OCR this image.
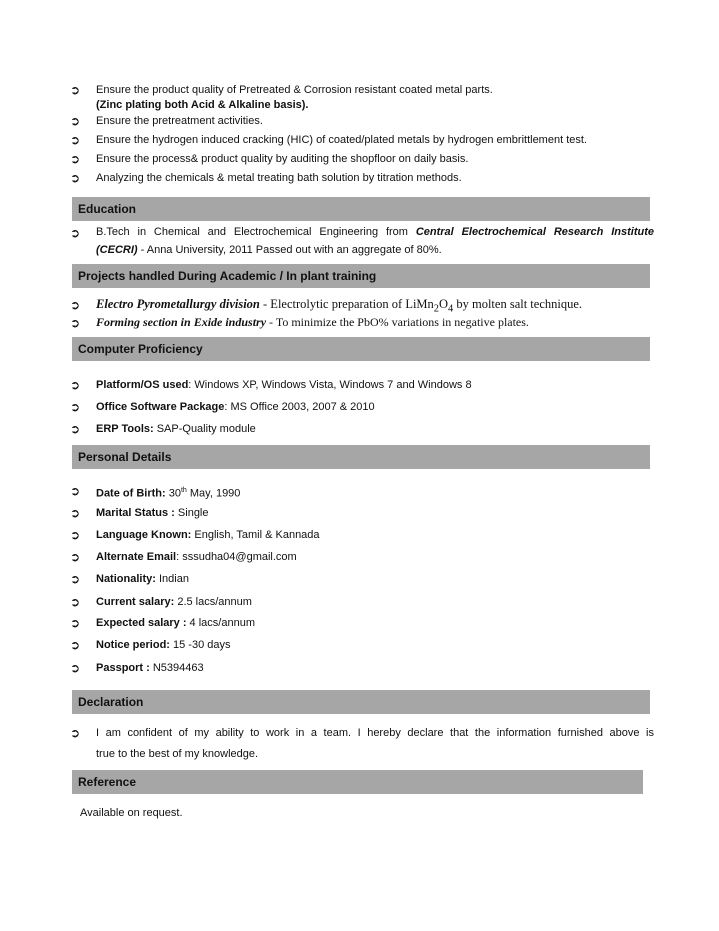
➲	Ensure the product quality of Pretreated & Corrosion resistant coated metal parts.
(Zinc plating both Acid & Alkaline basis).
➲	Ensure the pretreatment activities.
➲	Ensure the hydrogen induced cracking (HIC) of coated/plated metals by hydrogen embrittlement test.
➲	Ensure the process& product quality by auditing the shopfloor on daily basis.
➲	Analyzing the chemicals & metal treating bath solution by titration methods.
Education
➲	B.Tech in Chemical and Electrochemical Engineering from Central Electrochemical Research Institute
(CECRI) - Anna University, 2011 Passed out with an aggregate of 80%.
Projects handled During Academic / In plant training
➲	Electro Pyrometallurgy division - Electrolytic preparation of $LiMn_2O_4$ by molten salt technique.
➲	Forming section in Exide industry - To minimize the PbO% variations in negative plates.
Computer Proficiency
➲	Platform/OS used: Windows XP, Windows Vista, Windows 7 and Windows 8
➲	Office Software Package: MS Office 2003, 2007 & 2010
➲	ERP Tools: SAP-Quality module
Personal Details
➲	Date of Birth: 30th May, 1990
➲	Marital Status : Single
➲	Language Known: English, Tamil & Kannada
➲	Alternate Email: sssudha04@gmail.com
➲	Nationality: Indian
➲	Current salary: 2.5 lacs/annum
➲	Expected salary : 4 lacs/annum
➲	Notice period: 15 -30 days
➲	Passport : N5394463
Declaration
➲	I am confident of my ability to work in a team. I hereby declare that the information furnished above is
true to the best of my knowledge.
Reference
Available on request.
